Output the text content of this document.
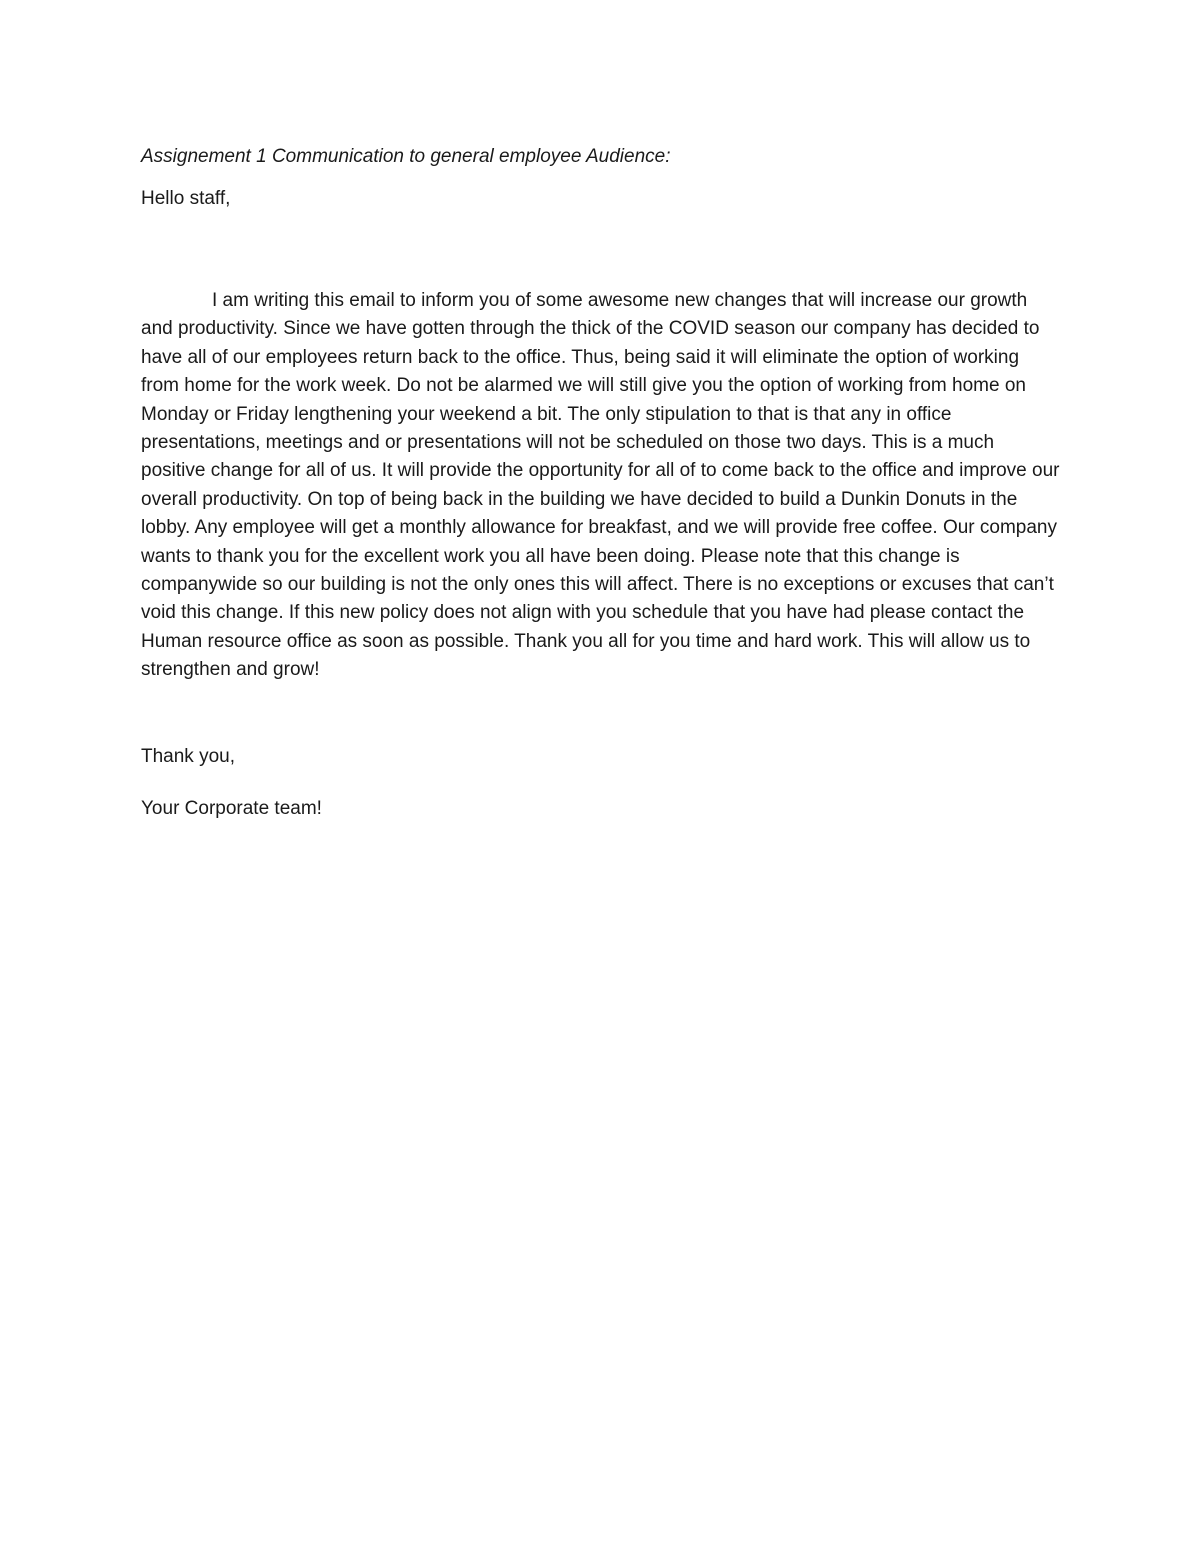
Assignement 1 Communication to general employee Audience:

Hello staff,

I am writing this email to inform you of some awesome new changes that will increase our growth and productivity. Since we have gotten through the thick of the COVID season our company has decided to have all of our employees return back to the office. Thus, being said it will eliminate the option of working from home for the work week. Do not be alarmed we will still give you the option of working from home on Monday or Friday lengthening your weekend a bit. The only stipulation to that is that any in office presentations, meetings and or presentations will not be scheduled on those two days. This is a much positive change for all of us. It will provide the opportunity for all of to come back to the office and improve our overall productivity. On top of being back in the building we have decided to build a Dunkin Donuts in the lobby. Any employee will get a monthly allowance for breakfast, and we will provide free coffee. Our company wants to thank you for the excellent work you all have been doing. Please note that this change is companywide so our building is not the only ones this will affect. There is no exceptions or excuses that can’t void this change. If this new policy does not align with you schedule that you have had please contact the Human resource office as soon as possible. Thank you all for you time and hard work. This will allow us to strengthen and grow!

Thank you,

Your Corporate team!
